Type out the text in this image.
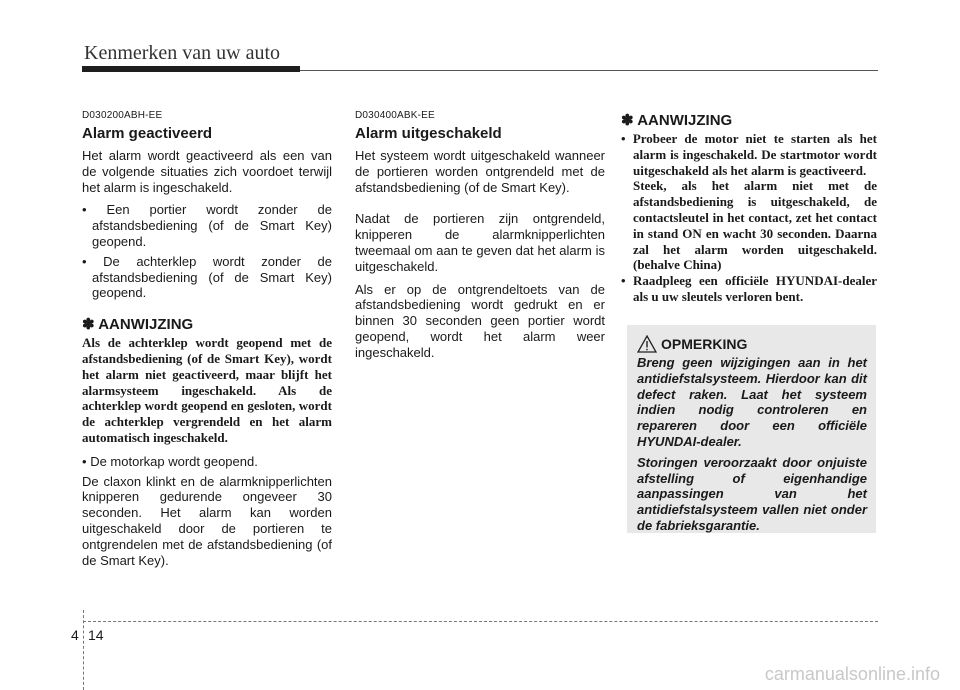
Kenmerken van uw auto
D030200ABH-EE
Alarm geactiveerd

Het alarm wordt geactiveerd als een van de volgende situaties zich voordoet terwijl het alarm is ingeschakeld.

• Een portier wordt zonder de afstandsbediening (of de Smart Key) geopend.
• De achterklep wordt zonder de afstandsbediening (of de Smart Key) geopend.
✽ AANWIJZING

Als de achterklep wordt geopend met de afstandsbediening (of de Smart Key), wordt het alarm niet geactiveerd, maar blijft het alarmsysteem ingeschakeld. Als de achterklep wordt geopend en gesloten, wordt de achterklep vergrendeld en het alarm automatisch ingeschakeld.

• De motorkap wordt geopend.

De claxon klinkt en de alarmknipperlichten knipperen gedurende ongeveer 30 seconden. Het alarm kan worden uitgeschakeld door de portieren te ontgrendelen met de afstandsbediening (of de Smart Key).

D030400ABK-EE
Alarm uitgeschakeld

Het systeem wordt uitgeschakeld wanneer de portieren worden ontgrendeld met de afstandsbediening (of de Smart Key).

Nadat de portieren zijn ontgrendeld, knipperen de alarmknipperlichten tweemaal om aan te geven dat het alarm is uitgeschakeld.

Als er op de ontgrendeltoets van de afstandsbediening wordt gedrukt en er binnen 30 seconden geen portier wordt geopend, wordt het alarm weer ingeschakeld.

✽ AANWIJZING
• Probeer de motor niet te starten als het alarm is ingeschakeld. De startmotor wordt uitgeschakeld als het alarm is geactiveerd.
Steek, als het alarm niet met de afstandsbediening is uitgeschakeld, de contactsleutel in het contact, zet het contact in stand ON en wacht 30 seconden. Daarna zal het alarm worden uitgeschakeld. (behalve China)
• Raadpleeg een officiële HYUNDAI-dealer als u uw sleutels verloren bent.
OPMERKING

Breng geen wijzigingen aan in het antidiefstalsysteem. Hierdoor kan dit defect raken. Laat het systeem indien nodig controleren en repareren door een officiële HYUNDAI-dealer.

Storingen veroorzaakt door onjuiste afstelling of eigenhandige aanpassingen van het antidiefstalsysteem vallen niet onder de fabrieksgarantie.

4 14
carmanualsonline.info
